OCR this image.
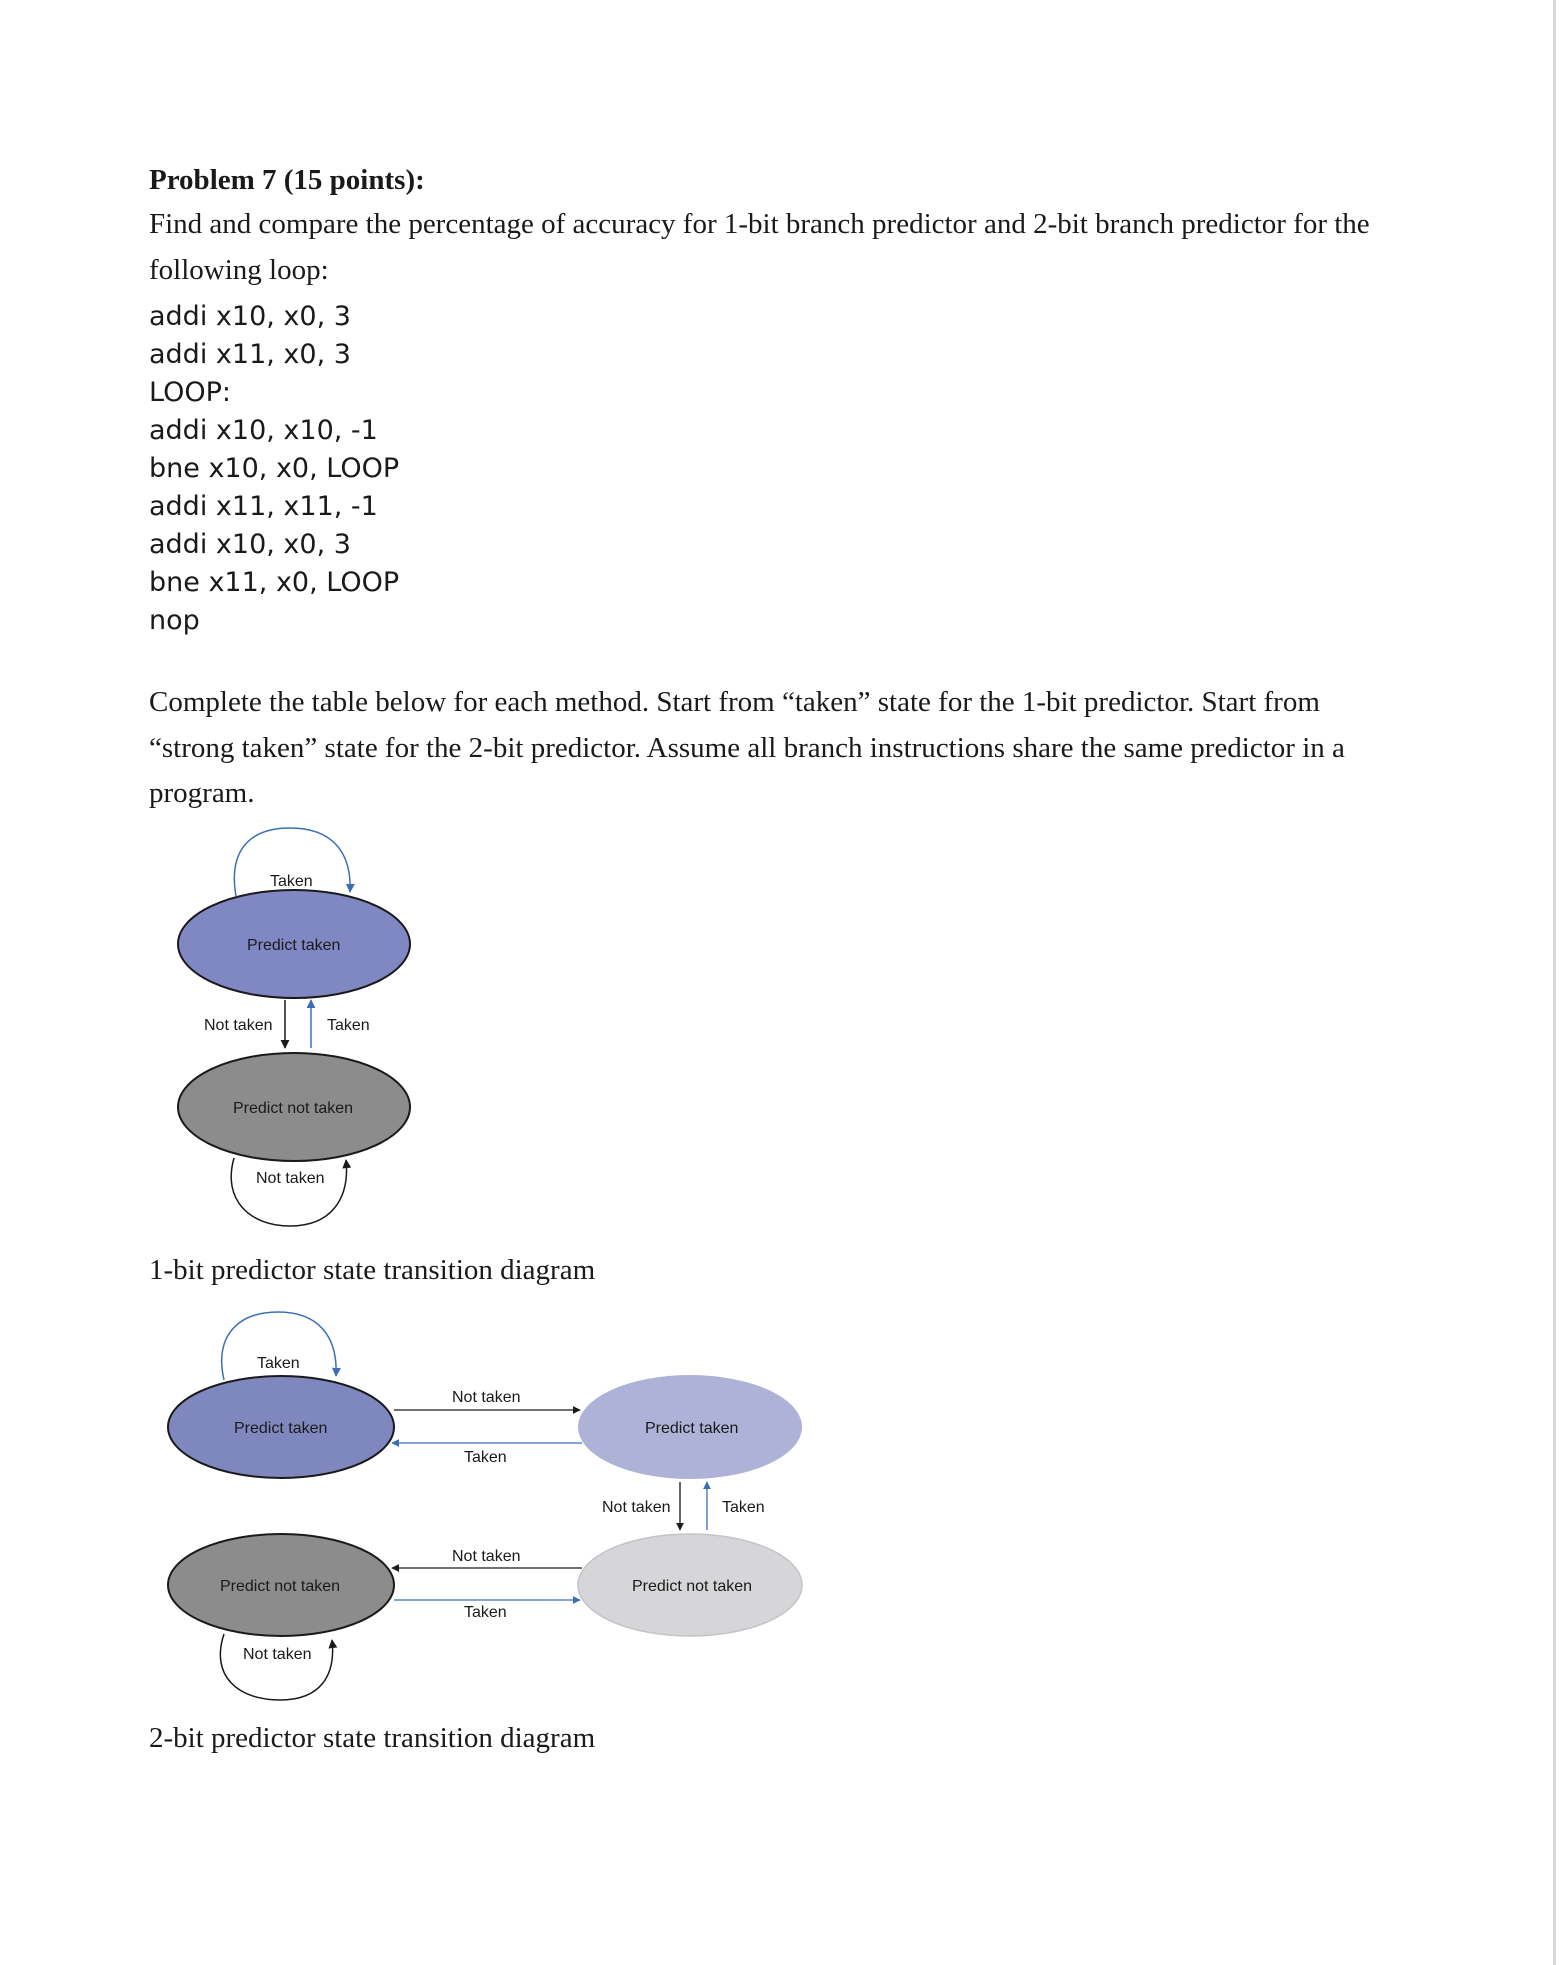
Problem 7 (15 points):
Find and compare the percentage of accuracy for 1-bit branch predictor and 2-bit branch predictor for the following loop:
addi x10, x0, 3
addi x11, x0, 3
LOOP:
addi x10, x10, -1
bne x10, x0, LOOP
addi x11, x11, -1
addi x10, x0, 3
bne x11, x0, LOOP
nop
Complete the table below for each method. Start from “taken” state for the 1-bit predictor. Start from “strong taken” state for the 2-bit predictor. Assume all branch instructions share the same predictor in a program.
Taken
Predict taken
Not taken	Taken
Predict not taken
Not taken
1-bit predictor state transition diagram
Taken
Predict taken	Predict taken
Not taken
Taken
Not taken	Taken
Predict not taken	Predict not taken
Not taken
Taken
Not taken
2-bit predictor state transition diagram
